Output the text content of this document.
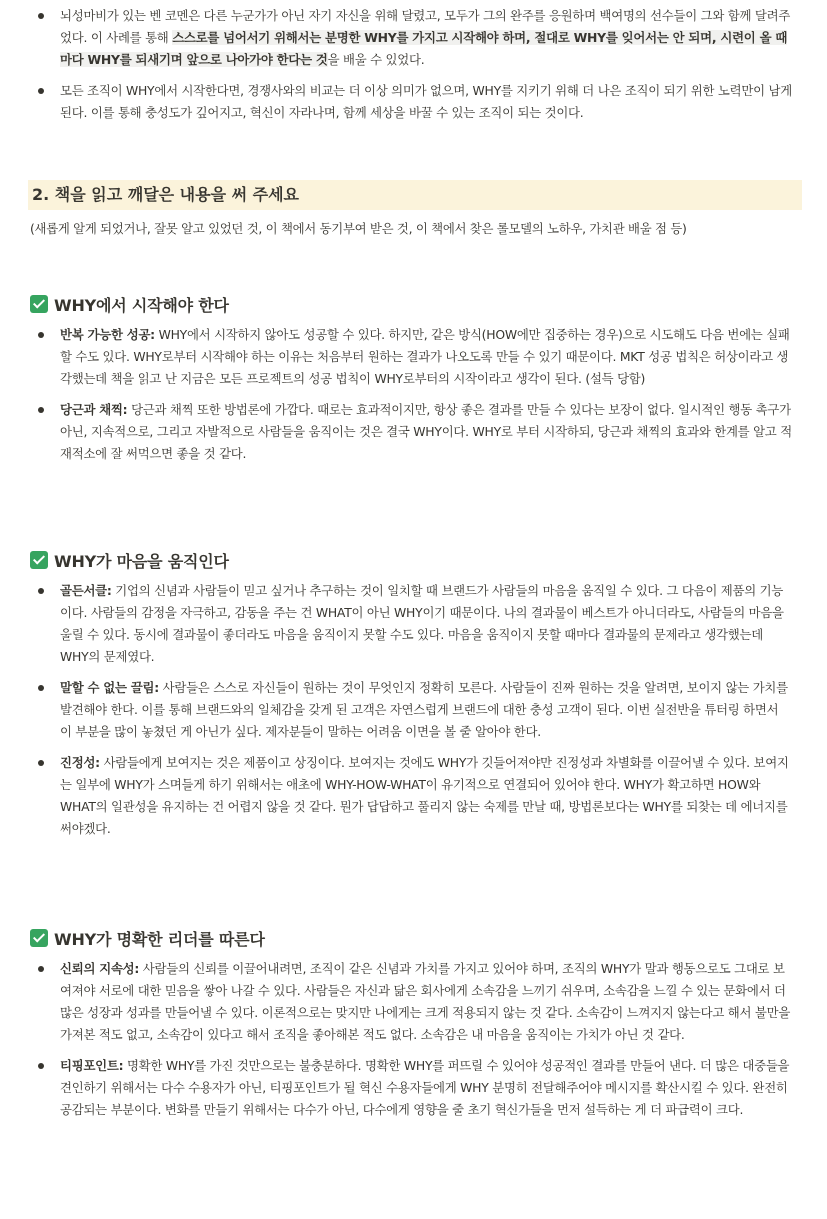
뇌성마비가 있는 벤 코멘은 다른 누군가가 아닌 자기 자신을 위해 달렸고, 모두가 그의 완주를 응원하며 백여명의 선수들이 그와 함께 달려주었다. 이 사례를 통해 스스로를 넘어서기 위해서는 분명한 WHY를 가지고 시작해야 하며, 절대로 WHY를 잊어서는 안 되며, 시련이 올 때마다 WHY를 되새기며 앞으로 나아가야 한다는 것을 배울 수 있었다.
모든 조직이 WHY에서 시작한다면, 경쟁사와의 비교는 더 이상 의미가 없으며, WHY를 지키기 위해 더 나은 조직이 되기 위한 노력만이 남게 된다. 이를 통해 충성도가 깊어지고, 혁신이 자라나며, 함께 세상을 바꿀 수 있는 조직이 되는 것이다.
2. 책을 읽고 깨달은 내용을 써 주세요
(새롭게 알게 되었거나, 잘못 알고 있었던 것, 이 책에서 동기부여 받은 것, 이 책에서 찾은 롤모델의 노하우, 가치관 배울 점 등)
WHY에서 시작해야 한다
반복 가능한 성공: WHY에서 시작하지 않아도 성공할 수 있다. 하지만, 같은 방식(HOW에만 집중하는 경우)으로 시도해도 다음 번에는 실패할 수도 있다. WHY로부터 시작해야 하는 이유는 처음부터 원하는 결과가 나오도록 만들 수 있기 때문이다. MKT 성공 법칙은 허상이라고 생각했는데 책을 읽고 난 지금은 모든 프로젝트의 성공 법칙이 WHY로부터의 시작이라고 생각이 된다. (설득 당함)
당근과 채찍: 당근과 채찍 또한 방법론에 가깝다. 때로는 효과적이지만, 항상 좋은 결과를 만들 수 있다는 보장이 없다. 일시적인 행동 촉구가 아닌, 지속적으로, 그리고 자발적으로 사람들을 움직이는 것은 결국 WHY이다. WHY로 부터 시작하되, 당근과 채찍의 효과와 한계를 알고 적재적소에 잘 써먹으면 좋을 것 같다.
WHY가 마음을 움직인다
골든서클: 기업의 신념과 사람들이 믿고 싶거나 추구하는 것이 일치할 때 브랜드가 사람들의 마음을 움직일 수 있다. 그 다음이 제품의 기능이다. 사람들의 감정을 자극하고, 감동을 주는 건 WHAT이 아닌 WHY이기 때문이다. 나의 결과물이 베스트가 아니더라도, 사람들의 마음을 울릴 수 있다. 동시에 결과물이 좋더라도 마음을 움직이지 못할 수도 있다. 마음을 움직이지 못할 때마다 결과물의 문제라고 생각했는데 WHY의 문제였다.
말할 수 없는 끌림: 사람들은 스스로 자신들이 원하는 것이 무엇인지 정확히 모른다. 사람들이 진짜 원하는 것을 알려면, 보이지 않는 가치를 발견해야 한다. 이를 통해 브랜드와의 일체감을 갖게 된 고객은 자연스럽게 브랜드에 대한 충성 고객이 된다. 이번 실전반을 튜터링 하면서 이 부분을 많이 놓쳤던 게 아닌가 싶다. 제자분들이 말하는 어려움 이면을 볼 줄 알아야 한다.
진정성: 사람들에게 보여지는 것은 제품이고 상징이다. 보여지는 것에도 WHY가 깃들어져야만 진정성과 차별화를 이끌어낼 수 있다. 보여지는 일부에 WHY가 스며들게 하기 위해서는 애초에 WHY-HOW-WHAT이 유기적으로 연결되어 있어야 한다. WHY가 확고하면 HOW와 WHAT의 일관성을 유지하는 건 어렵지 않을 것 같다. 뭔가 답답하고 풀리지 않는 숙제를 만날 때, 방법론보다는 WHY를 되찾는 데 에너지를 써야겠다.
WHY가 명확한 리더를 따른다
신뢰의 지속성: 사람들의 신뢰를 이끌어내려면, 조직이 같은 신념과 가치를 가지고 있어야 하며, 조직의 WHY가 말과 행동으로도 그대로 보여져야 서로에 대한 믿음을 쌓아 나갈 수 있다. 사람들은 자신과 닮은 회사에게 소속감을 느끼기 쉬우며, 소속감을 느낄 수 있는 문화에서 더 많은 성장과 성과를 만들어낼 수 있다. 이론적으로는 맞지만 나에게는 크게 적용되지 않는 것 같다. 소속감이 느껴지지 않는다고 해서 불만을 가져본 적도 없고, 소속감이 있다고 해서 조직을 좋아해본 적도 없다. 소속감은 내 마음을 움직이는 가치가 아닌 것 같다.
티핑포인트: 명확한 WHY를 가진 것만으로는 불충분하다. 명확한 WHY를 퍼뜨릴 수 있어야 성공적인 결과를 만들어 낸다. 더 많은 대중들을 견인하기 위해서는 다수 수용자가 아닌, 티핑포인트가 될 혁신 수용자들에게 WHY 분명히 전달해주어야 메시지를 확산시킬 수 있다. 완전히 공감되는 부분이다. 변화를 만들기 위해서는 다수가 아닌, 다수에게 영향을 줄 초기 혁신가들을 먼저 설득하는 게 더 파급력이 크다.
